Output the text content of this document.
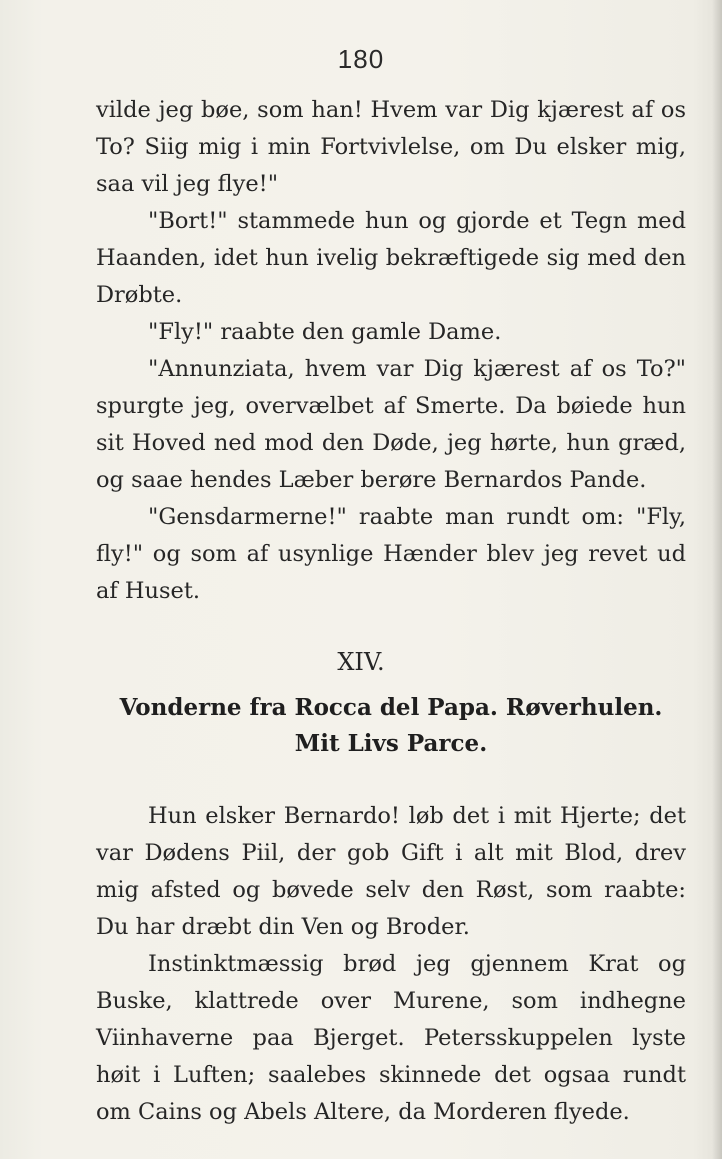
180

vilde jeg bøe, som han! Hvem var Dig kjærest af os To? Siig mig i min Fortvivlelse, om Du elsker mig, saa vil jeg flye!"

"Bort!" stammede hun og gjorde et Tegn med Haanden, idet hun ivelig bekræftigede sig med den Drøbte.

"Fly!" raabte den gamle Dame.

"Annunziata, hvem var Dig kjærest af os To?" spurgte jeg, overvælbet af Smerte. Da bøiede hun sit Hoved ned mod den Døde, jeg hørte, hun græd, og saae hendes Læber berøre Bernardos Pande.

"Gensdarmerne!" raabte man rundt om: "Fly, fly!" og som af usynlige Hænder blev jeg revet ud af Huset.

XIV.
Vonderne fra Rocca del Papa. Røverhulen.
Mit Livs Parce.

Hun elsker Bernardo! løb det i mit Hjerte; det var Dødens Piil, der gob Gift i alt mit Blod, drev mig afsted og bøvede selv den Røst, som raabte: Du har dræbt din Ven og Broder.

Instinktmæssig brød jeg gjennem Krat og Buske, klattrede over Murene, som indhegne Viinhaverne paa Bjerget. Petersskuppelen lyste høit i Luften; saalebes skinnede det ogsaa rundt om Cains og Abels Altere, da Morderen flyede.
